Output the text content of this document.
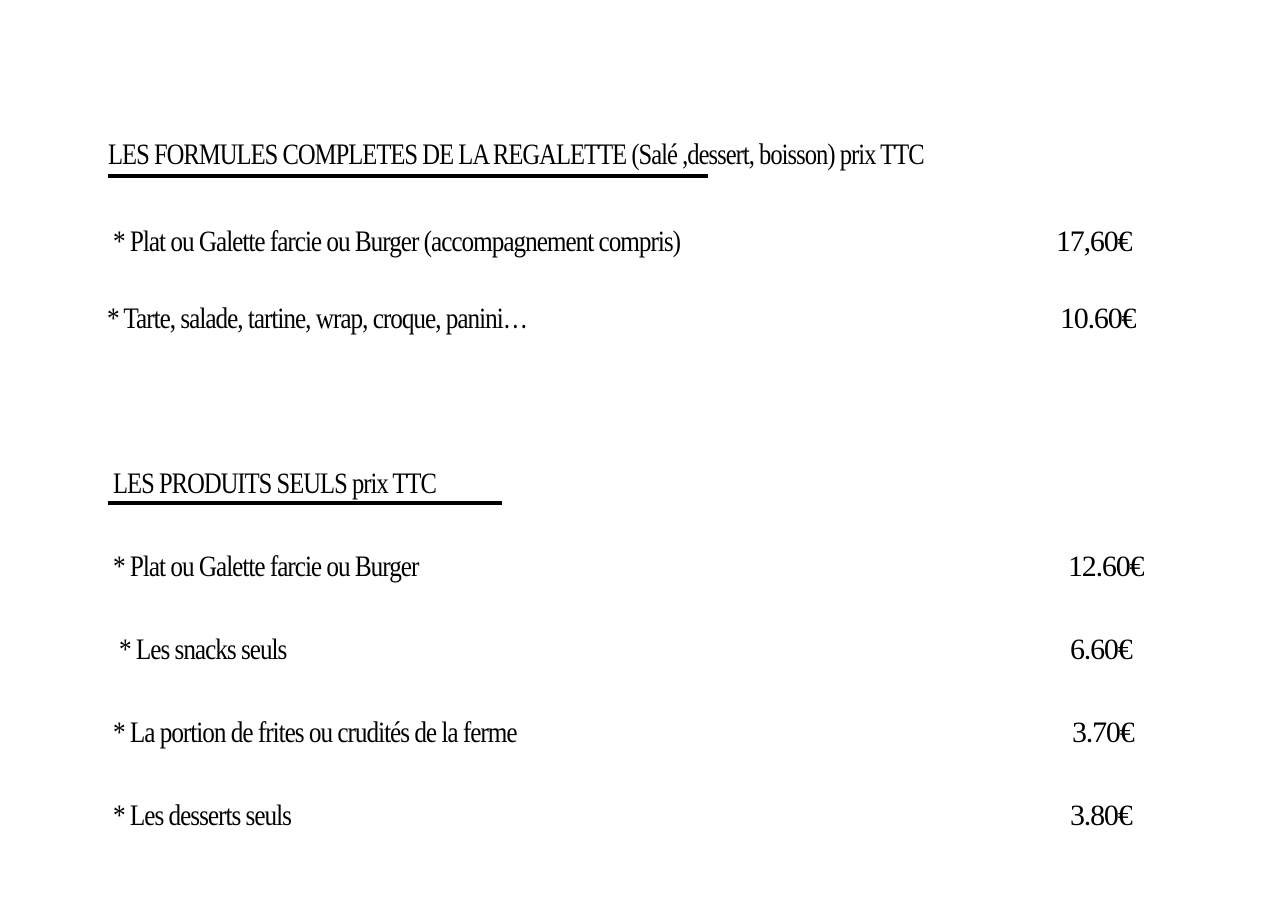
LES FORMULES COMPLETES DE LA REGALETTE (Salé ,dessert, boisson) prix TTC
* Plat ou Galette farcie ou Burger (accompagnement compris)	17,60€
* Tarte, salade, tartine, wrap, croque, panini…	10.60€
LES PRODUITS SEULS prix TTC
* Plat ou Galette farcie ou Burger	12.60€
* Les snacks seuls	6.60€
* La portion de frites ou crudités de la ferme	3.70€
* Les desserts seuls	3.80€
